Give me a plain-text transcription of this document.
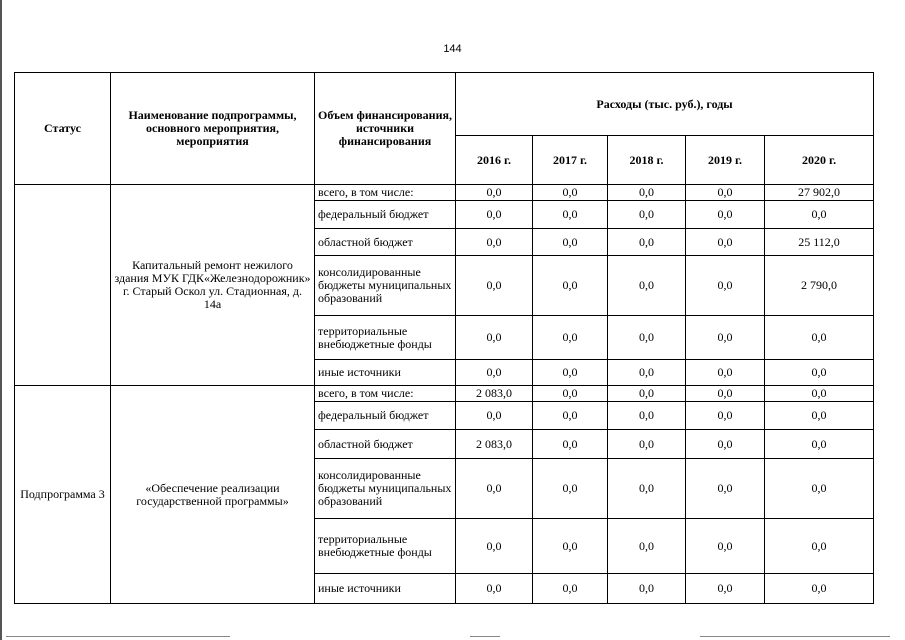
144
Статус	Наименование подпрограммы, основного мероприятия, мероприятия	Объем финансирования, источники финансирования	Расходы (тыс. руб.), годы				
			2016 г.	2017 г.	2018 г.	2019 г.	2020 г.
	Капитальный ремонт нежилого здания МУК ГДК«Железнодорожник» г. Старый Оскол ул. Стадионная, д. 14а	всего, в том числе:	0,0	0,0	0,0	0,0	27 902,0
		федеральный бюджет	0,0	0,0	0,0	0,0	0,0
		областной бюджет	0,0	0,0	0,0	0,0	25 112,0
		консолидированные бюджеты муниципальных образований	0,0	0,0	0,0	0,0	2 790,0
		территориальные внебюджетные фонды	0,0	0,0	0,0	0,0	0,0
		иные источники	0,0	0,0	0,0	0,0	0,0
Подпрограмма 3	«Обеспечение реализации государственной программы»	всего, в том числе:	2 083,0	0,0	0,0	0,0	0,0
		федеральный бюджет	0,0	0,0	0,0	0,0	0,0
		областной бюджет	2 083,0	0,0	0,0	0,0	0,0
		консолидированные бюджеты муниципальных образований	0,0	0,0	0,0	0,0	0,0
		территориальные внебюджетные фонды	0,0	0,0	0,0	0,0	0,0
		иные источники	0,0	0,0	0,0	0,0	0,0
